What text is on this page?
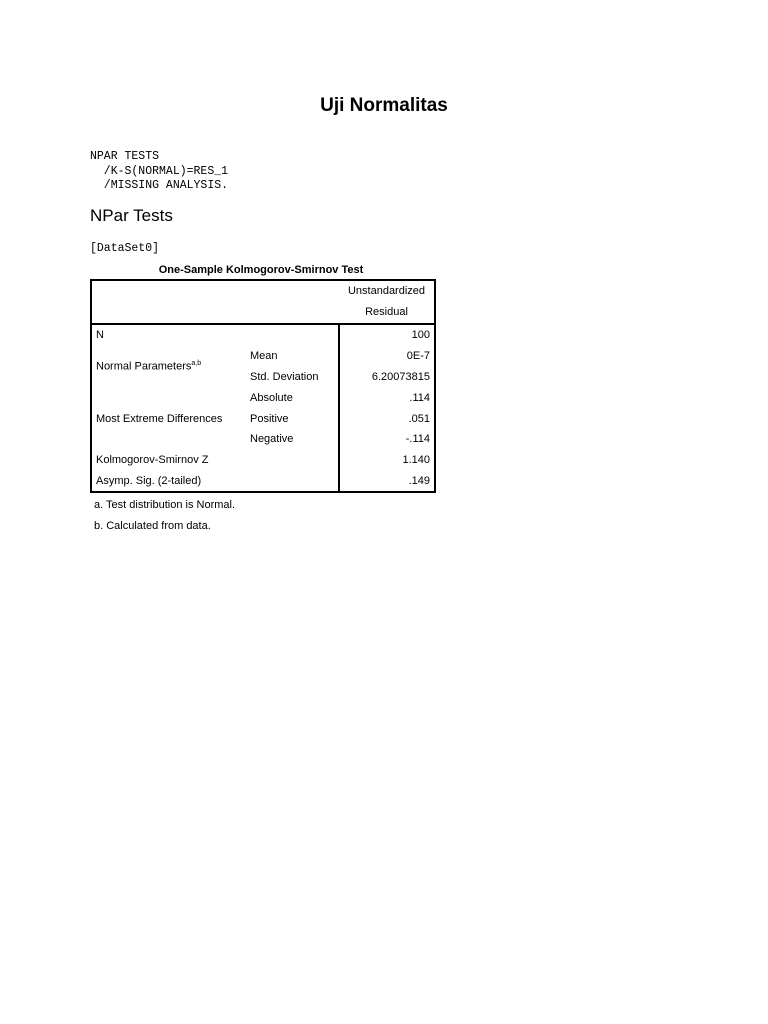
Uji Normalitas
NPAR TESTS
/K-S(NORMAL)=RES_1
/MISSING ANALYSIS.
NPar Tests
[DataSet0]
One-Sample Kolmogorov-Smirnov Test

		Unstandardized
Residual

N		100
Normal Parameters$^{a,b}$	Mean	0E-7
	Std. Deviation	6.20073815
Most Extreme Differences	Absolute	.114
	Positive	.051
	Negative	-.114
Kolmogorov-Smirnov Z		1.140
Asymp. Sig. (2-tailed)		.149
a. Test distribution is Normal.
b. Calculated from data.
